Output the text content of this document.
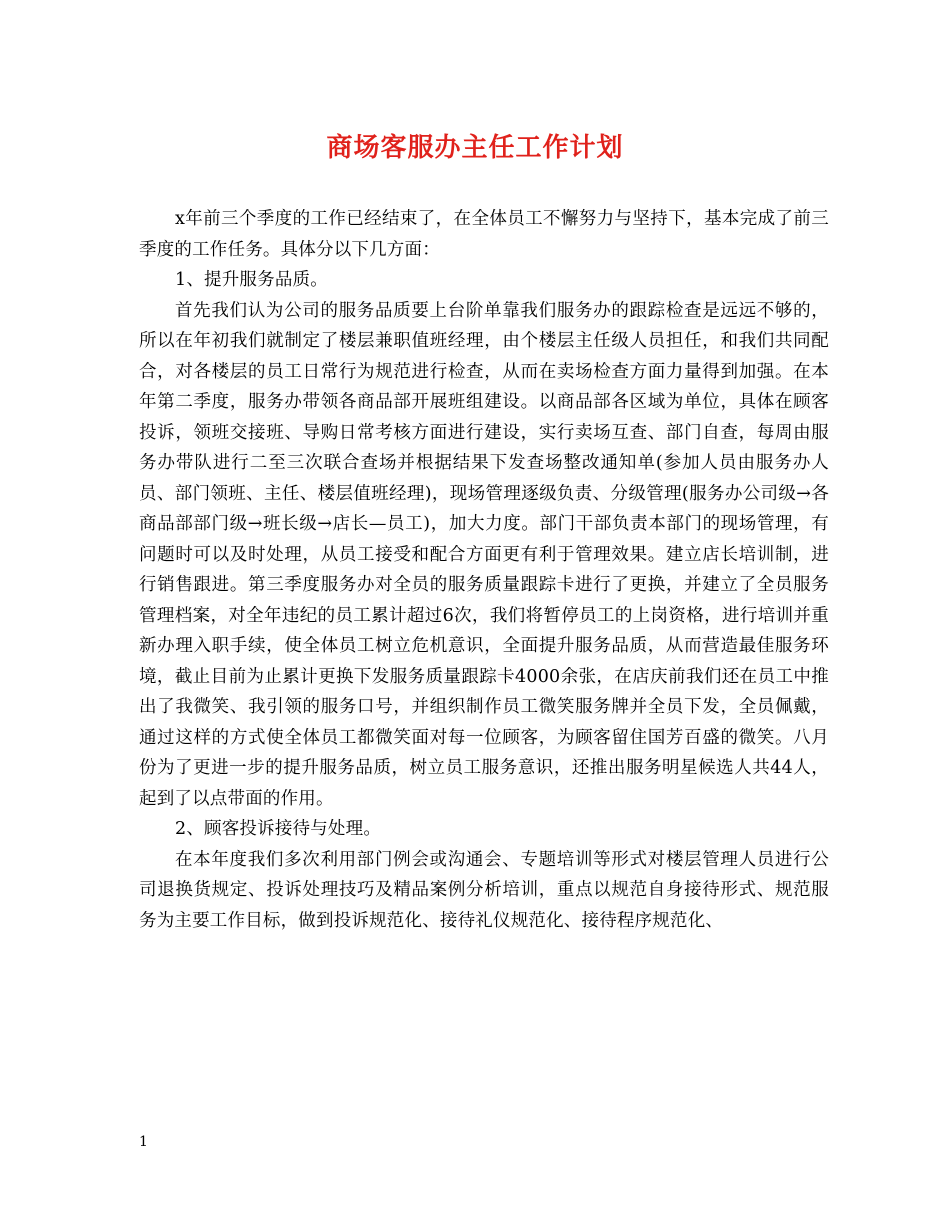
商场客服办主任工作计划

x年前三个季度的工作已经结束了，在全体员工不懈努力与坚持下，基本完成了前三季度的工作任务。具体分以下几方面：

1、提升服务品质。

首先我们认为公司的服务品质要上台阶单靠我们服务办的跟踪检查是远远不够的，所以在年初我们就制定了楼层兼职值班经理，由个楼层主任级人员担任，和我们共同配合，对各楼层的员工日常行为规范进行检查，从而在卖场检查方面力量得到加强。在本年第二季度，服务办带领各商品部开展班组建设。以商品部各区域为单位，具体在顾客投诉，领班交接班、导购日常考核方面进行建设，实行卖场互查、部门自查，每周由服务办带队进行二至三次联合查场并根据结果下发查场整改通知单(参加人员由服务办人员、部门领班、主任、楼层值班经理)，现场管理逐级负责、分级管理(服务办公司级→各商品部部门级→班长级→店长—员工)，加大力度。部门干部负责本部门的现场管理，有问题时可以及时处理，从员工接受和配合方面更有利于管理效果。建立店长培训制，进行销售跟进。第三季度服务办对全员的服务质量跟踪卡进行了更换，并建立了全员服务管理档案，对全年违纪的员工累计超过6次，我们将暂停员工的上岗资格，进行培训并重新办理入职手续，使全体员工树立危机意识，全面提升服务品质，从而营造最佳服务环境，截止目前为止累计更换下发服务质量跟踪卡4000余张，在店庆前我们还在员工中推出了我微笑、我引领的服务口号，并组织制作员工微笑服务牌并全员下发，全员佩戴，通过这样的方式使全体员工都微笑面对每一位顾客，为顾客留住国芳百盛的微笑。八月份为了更进一步的提升服务品质，树立员工服务意识，还推出服务明星候选人共44人，起到了以点带面的作用。

2、顾客投诉接待与处理。

在本年度我们多次利用部门例会或沟通会、专题培训等形式对楼层管理人员进行公司退换货规定、投诉处理技巧及精品案例分析培训，重点以规范自身接待形式、规范服务为主要工作目标，做到投诉规范化、接待礼仪规范化、接待程序规范化、

1
